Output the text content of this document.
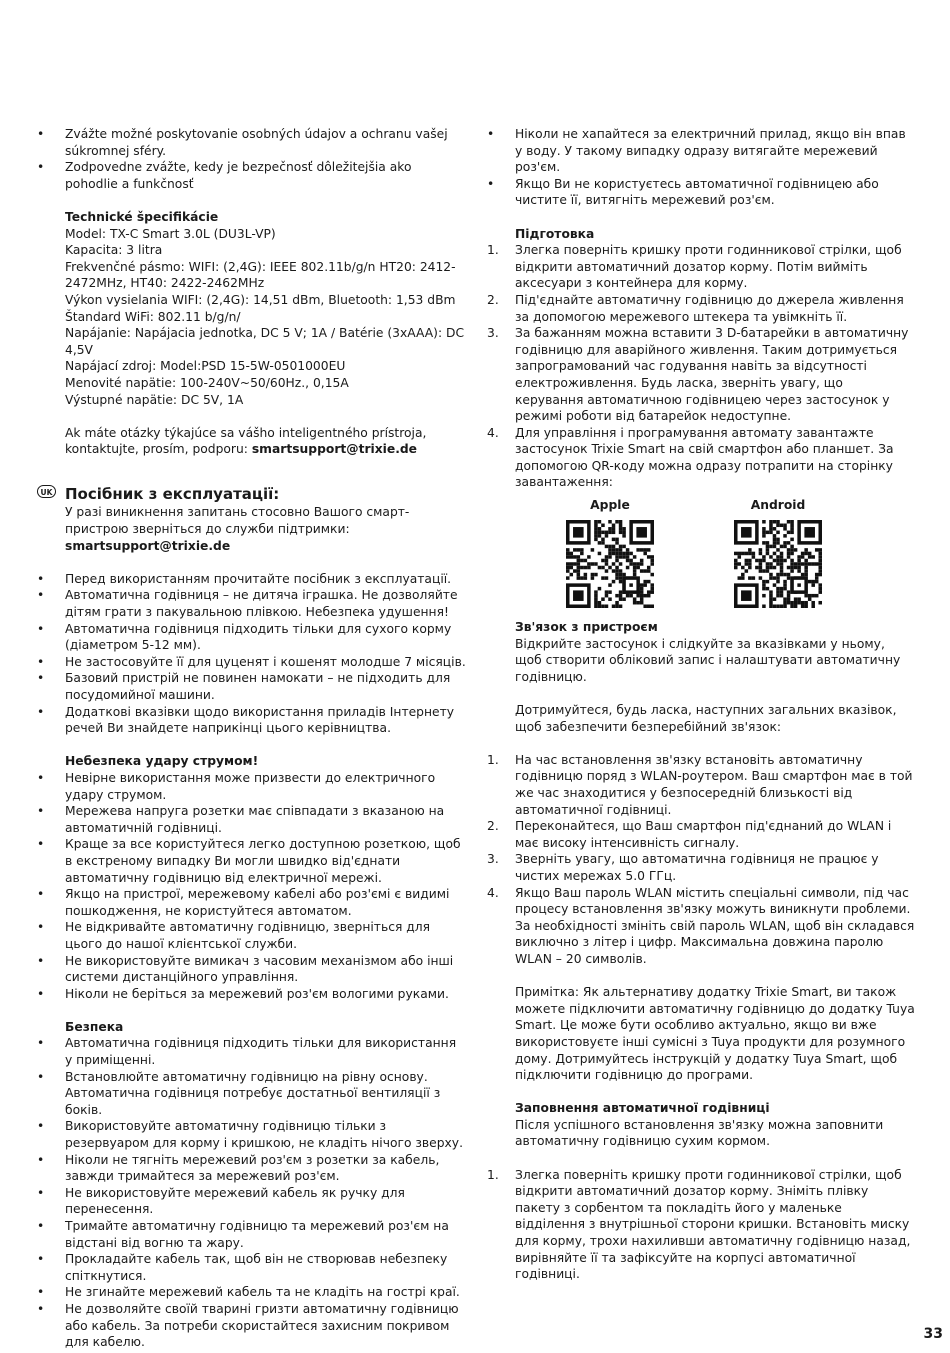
• Zvážte možné poskytovanie osobných údajov a ochranu vašej súkromnej sféry.
• Zodpovedne zvážte, kedy je bezpečnosť dôležitejšia ako pohodlie a funkčnosť
Technické špecifikácie
Model: TX-C Smart 3.0L (DU3L-VP)
Kapacita: 3 litra
Frekvenčné pásmo: WIFI: (2,4G): IEEE 802.11b/g/n HT20: 2412-
2472MHz, HT40: 2422-2462MHz
Výkon vysielania WIFI: (2,4G): 14,51 dBm, Bluetooth: 1,53 dBm
Štandard WiFi: 802.11 b/g/n/
Napájanie: Napájacia jednotka, DC 5 V; 1A / Batérie (3xAAA): DC 4,5V
Napájací zdroj: Model:PSD 15-5W-0501000EU
Menovité napätie: 100-240V~50/60Hz., 0,15A
Výstupné napätie: DC 5V, 1A
Ak máte otázky týkajúce sa vášho inteligentného prístroja, kontaktujte, prosím, podporu: smartsupport@trixie.de
UK Посібник з експлуатації:
У разі виникнення запитань стосовно Вашого смарт-пристрою зверніться до служби підтримки: smartsupport@trixie.de
• Перед використанням прочитайте посібник з експлуатації.
• Автоматична годівниця – не дитяча іграшка. Не дозволяйте дітям грати з пакувальною плівкою. Небезпека удушення!
• Автоматична годівниця підходить тільки для сухого корму (діаметром 5-12 мм).
• Не застосовуйте її для цуценят і кошенят молодше 7 місяців.
• Базовий пристрій не повинен намокати – не підходить для посудомийної машини.
• Додаткові вказівки щодо використання приладів Інтернету речей Ви знайдете наприкінці цього керівництва.
Небезпека удару струмом!
• Невірне використання може призвести до електричного удару струмом.
• Мережева напруга розетки має співпадати з вказаною на автоматичній годівниці.
• Краще за все користуйтеся легко доступною розеткою, щоб в екстреному випадку Ви могли швидко від'єднати автоматичну годівницю від електричної мережі.
• Якщо на пристрої, мережевому кабелі або роз'ємі є видимі пошкодження, не користуйтеся автоматом.
• Не відкривайте автоматичну годівницю, зверніться для цього до нашої клієнтської служби.
• Не використовуйте вимикач з часовим механізмом або інші системи дистанційного управління.
• Ніколи не беріться за мережевий роз'єм вологими руками.
Безпека
• Автоматична годівниця підходить тільки для використання у приміщенні.
• Встановлюйте автоматичну годівницю на рівну основу. Автоматична годівниця потребує достатньої вентиляції з боків.
• Використовуйте автоматичну годівницю тільки з резервуаром для корму і кришкою, не кладіть нічого зверху.
• Ніколи не тягніть мережевий роз'єм з розетки за кабель, завжди тримайтеся за мережевий роз'єм.
• Не використовуйте мережевий кабель як ручку для перенесення.
• Тримайте автоматичну годівницю та мережевий роз'єм на відстані від вогню та жару.
• Прокладайте кабель так, щоб він не створював небезпеку спіткнутися.
• Не згинайте мережевий кабель та не кладіть на гострі краї.
• Не дозволяйте своїй тварині гризти автоматичну годівницю або кабель. За потреби скористайтеся захисним покривом для кабелю.
• Ніколи не хапайтеся за електричний прилад, якщо він впав у воду. У такому випадку одразу витягайте мережевий роз'єм.
• Якщо Ви не користуєтесь автоматичної годівницею або чистите її, витягніть мережевий роз'єм.
Підготовка
1. Злегка поверніть кришку проти годинникової стрілки, щоб відкрити автоматичний дозатор корму. Потім вийміть аксесуари з контейнера для корму.
2. Під'єднайте автоматичну годівницю до джерела живлення за допомогою мережевого штекера та увімкніть її.
3. За бажанням можна вставити 3 D-батарейки в автоматичну годівницю для аварійного живлення. Таким дотримується запрограмований час годування навіть за відсутності електроживлення. Будь ласка, зверніть увагу, що керування автоматичною годівницею через застосунок у режимі роботи від батарейок недоступне.
4. Для управління і програмування автомату завантажте застосунок Trixie Smart на свій смартфон або планшет. За допомогою QR-коду можна одразу потрапити на сторінку завантаження:
Apple	Android
Зв'язок з пристроєм
Відкрийте застосунок і слідкуйте за вказівками у ньому, щоб створити обліковий запис і налаштувати автоматичну годівницю.
Дотримуйтеся, будь ласка, наступних загальних вказівок, щоб забезпечити безперебійний зв'язок:
1. На час встановлення зв'язку встановіть автоматичну годівницю поряд з WLAN-роутером. Ваш смартфон має в той же час знаходитися у безпосередній близькості від автоматичної годівниці.
2. Переконайтеся, що Ваш смартфон під'єднаний до WLAN і має високу інтенсивність сигналу.
3. Зверніть увагу, що автоматична годівниця не працює у чистих мережах 5.0 ГГц.
4. Якщо Ваш пароль WLAN містить спеціальні символи, під час процесу встановлення зв'язку можуть виникнути проблеми. За необхідності змініть свій пароль WLAN, щоб він складався виключно з літер і цифр. Максимальна довжина паролю WLAN – 20 символів.
Примітка: Як альтернативу додатку Trixie Smart, ви також можете підключити автоматичну годівницю до додатку Tuya Smart. Це може бути особливо актуально, якщо ви вже використовуєте інші сумісні з Tuya продукти для розумного дому. Дотримуйтесь інструкцій у додатку Tuya Smart, щоб підключити годівницю до програми.
Заповнення автоматичної годівниці
Після успішного встановлення зв'язку можна заповнити автоматичну годівницю сухим кормом.
1. Злегка поверніть кришку проти годинникової стрілки, щоб відкрити автоматичний дозатор корму. Зніміть плівку пакету з сорбентом та покладіть його у маленьке відділення з внутрішньої сторони кришки. Встановіть миску для корму, трохи нахиливши автоматичну годівницю назад, вирівняйте її та зафіксуйте на корпусі автоматичної годівниці.
33
